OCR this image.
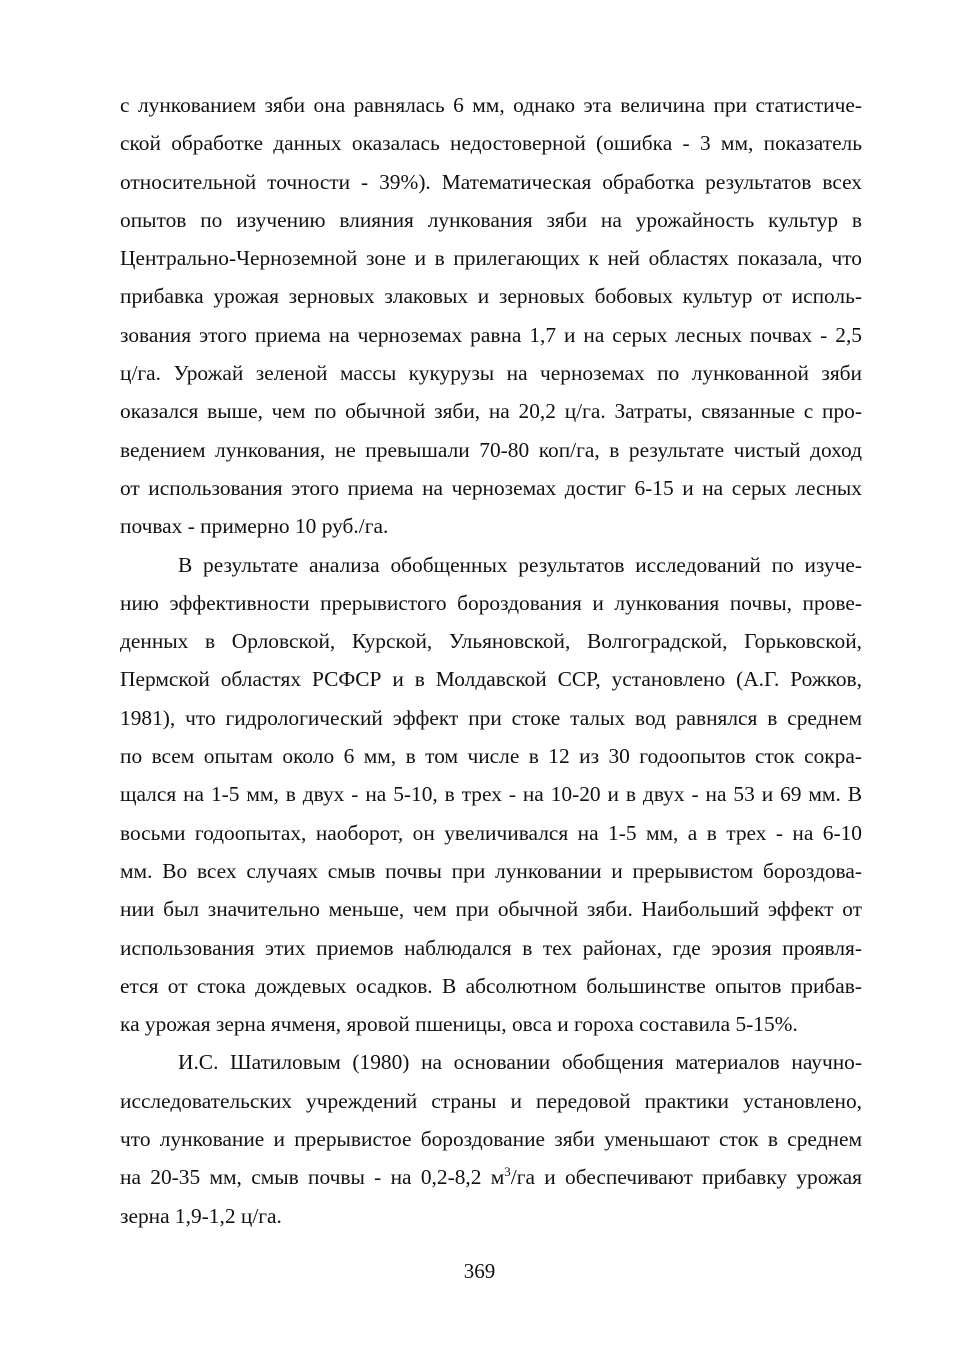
с лункованием зяби она равнялась 6 мм, однако эта величина при статистиче-
ской обработке данных оказалась недостоверной (ошибка - 3 мм, показатель
относительной точности - 39%). Математическая обработка результатов всех
опытов по изучению влияния лункования зяби на урожайность культур в
Центрально-Черноземной зоне и в прилегающих к ней областях показала, что
прибавка урожая зерновых злаковых и зерновых бобовых культур от исполь-
зования этого приема на черноземах равна 1,7 и на серых лесных почвах - 2,5
ц/га. Урожай зеленой массы кукурузы на черноземах по лункованной зяби
оказался выше, чем по обычной зяби, на 20,2 ц/га. Затраты, связанные с про-
ведением лункования, не превышали 70-80 коп/га, в результате чистый доход
от использования этого приема на черноземах достиг 6-15 и на серых лесных
почвах - примерно 10 руб./га.
В результате анализа обобщенных результатов исследований по изуче-
нию эффективности прерывистого бороздования и лункования почвы, прове-
денных в Орловской, Курской, Ульяновской, Волгоградской, Горьковской,
Пермской областях РСФСР и в Молдавской ССР, установлено (А.Г. Рожков,
1981), что гидрологический эффект при стоке талых вод равнялся в среднем
по всем опытам около 6 мм, в том числе в 12 из 30 годоопытов сток сокра-
щался на 1-5 мм, в двух - на 5-10, в трех - на 10-20 и в двух - на 53 и 69 мм. В
восьми годоопытах, наоборот, он увеличивался на 1-5 мм, а в трех - на 6-10
мм. Во всех случаях смыв почвы при лунковании и прерывистом бороздова-
нии был значительно меньше, чем при обычной зяби. Наибольший эффект от
использования этих приемов наблюдался в тех районах, где эрозия проявля-
ется от стока дождевых осадков. В абсолютном большинстве опытов прибав-
ка урожая зерна ячменя, яровой пшеницы, овса и гороха составила 5-15%.
И.С. Шатиловым (1980) на основании обобщения материалов научно-
исследовательских учреждений страны и передовой практики установлено,
что лункование и прерывистое бороздование зяби уменьшают сток в среднем
на 20-35 мм, смыв почвы - на 0,2-8,2 $м^3/га$ и обеспечивают прибавку урожая
зерна 1,9-1,2 ц/га.
369
